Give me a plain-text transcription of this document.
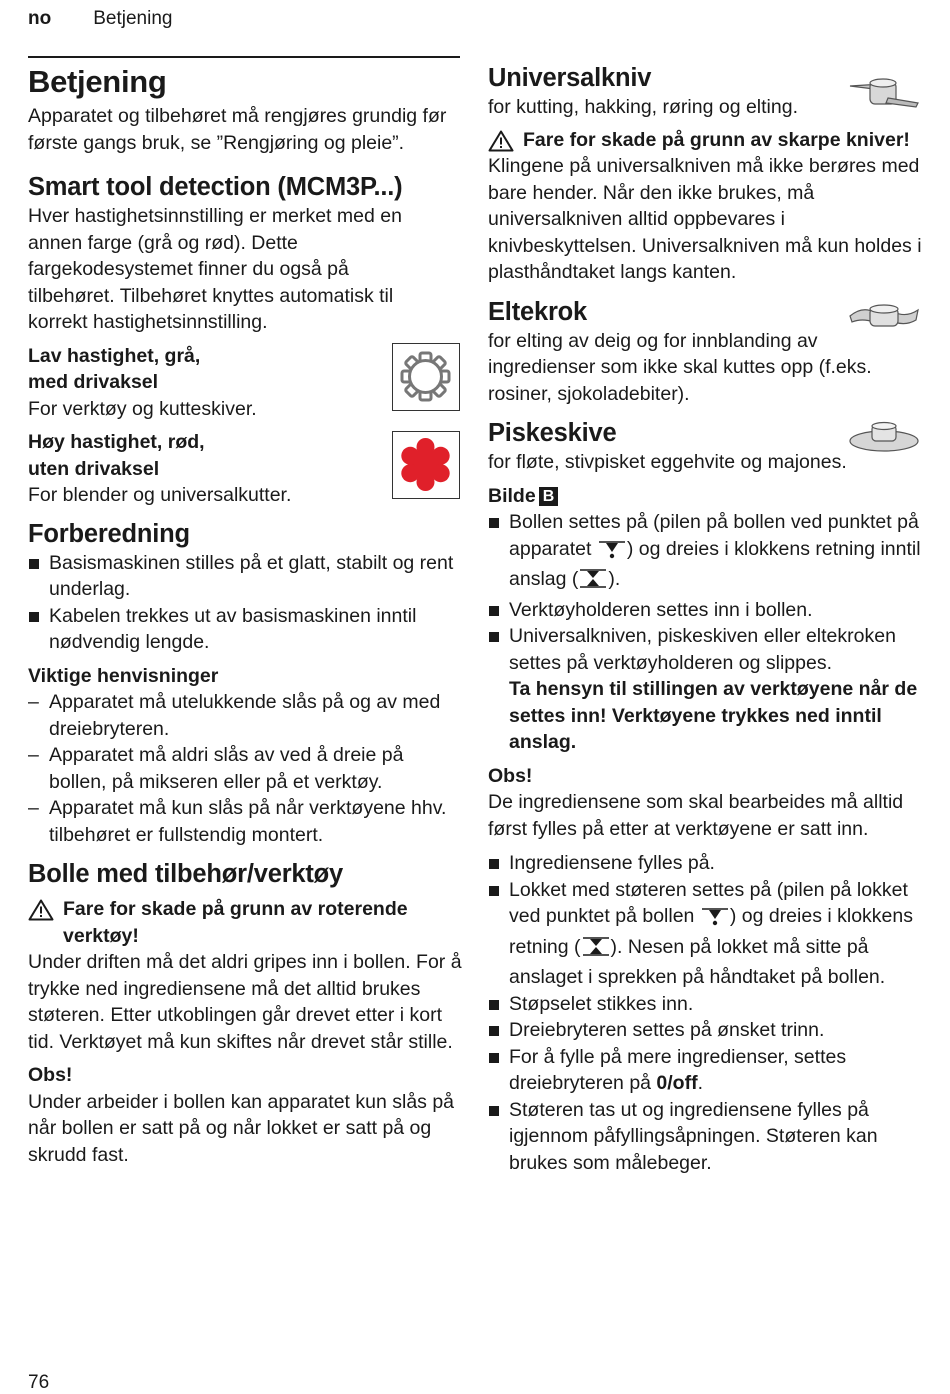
no Betjening
Betjening

Apparatet og tilbehøret må rengjøres grundig før første gangs bruk, se ”Rengjøring og pleie”.

Smart tool detection (MCM3P...)

Hver hastighetsinnstilling er merket med en annen farge (grå og rød). Dette fargekodesystemet finner du også på tilbehøret. Tilbehøret knyttes automatisk til korrekt hastighetsinnstilling.

Lav hastighet, grå,
med drivaksel

For verktøy og kutteskiver.

Høy hastighet, rød,
uten drivaksel

For blender og universalkutter.

Forberedning
Basismaskinen stilles på et glatt, stabilt og rent underlag.
Kabelen trekkes ut av basismaskinen inntil nødvendig lengde.
Viktige henvisninger
– Apparatet må utelukkende slås på og av med dreiebryteren.
– Apparatet må aldri slås av ved å dreie på bollen, på mikseren eller på et verktøy.
– Apparatet må kun slås på når verktøyene hhv. tilbehøret er fullstendig montert.
Bolle med tilbehør/verktøy
Fare for skade på grunn av roterende verktøy!

Under driften må det aldri gripes inn i bollen. For å trykke ned ingrediensene må det alltid brukes støteren. Etter utkoblingen går drevet etter i kort tid. Verktøyet må kun skiftes når drevet står stille.

Obs!

Under arbeider i bollen kan apparatet kun slås på når bollen er satt på og når lokket er satt på og skrudd fast.

Universalkniv

for kutting, hakking, røring og elting.

Fare for skade på grunn av skarpe kniver!

Klingene på universalkniven må ikke berøres med bare hender. Når den ikke brukes, må universalkniven alltid oppbevares i knivbeskyttelsen. Universalkniven må kun holdes i plasthåndtaket langs kanten.

Eltekrok

for elting av deig og for innblanding av ingredienser som ikke skal kuttes opp (f.eks. rosiner, sjokoladebiter).

Piskeskive

for fløte, stivpisket eggehvite og majones.

Bilde B
Bollen settes på (pilen på bollen ved punktet på apparatet ) og dreies i klokkens retning inntil anslag ( ).
Verktøyholderen settes inn i bollen.
Universalkniven, piskeskiven eller eltekroken settes på verktøyholderen og slippes.
Ta hensyn til stillingen av verktøyene når de settes inn! Verktøyene trykkes ned inntil anslag.
Obs!

De ingrediensene som skal bearbeides må alltid først fylles på etter at verktøyene er satt inn.

Ingrediensene fylles på.
Lokket med støteren settes på (pilen på lokket ved punktet på bollen ) og dreies i klokkens retning ( ). Nesen på lokket må sitte på anslaget i sprekken på håndtaket på bollen.
Støpselet stikkes inn.
Dreiebryteren settes på ønsket trinn.
For å fylle på mere ingredienser, settes dreiebryteren på 0/off.
Støteren tas ut og ingrediensene fylles på igjennom påfyllingsåpningen. Støteren kan brukes som målebeger.
76
